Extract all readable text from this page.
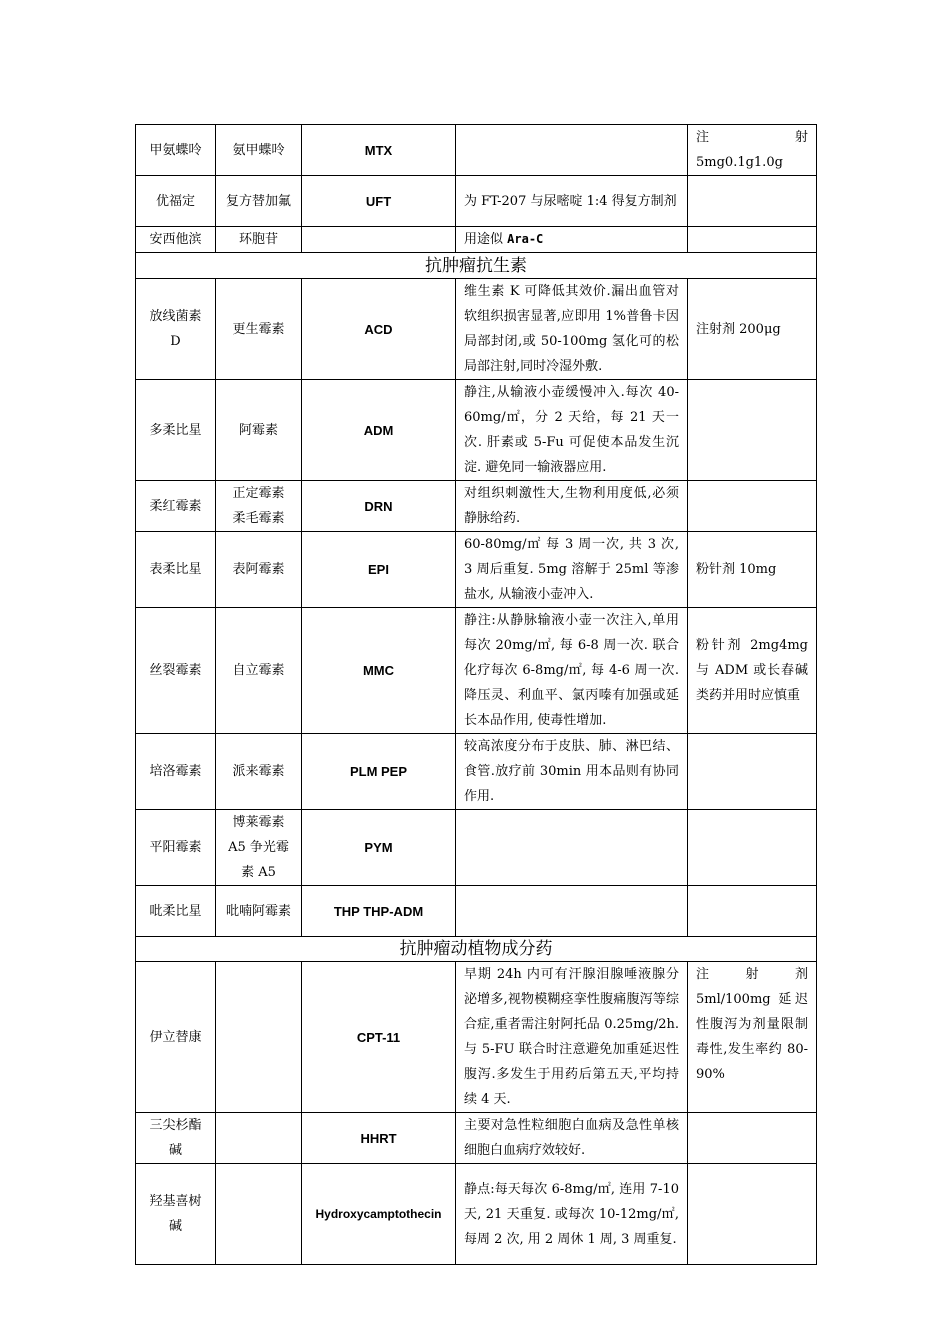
甲氨蝶呤	氨甲蝶呤	MTX		注射 5mg0.1g1.0g
优福定	复方替加氟	UFT	为 FT-207 与尿嘧啶 1:4 得复方制剂	
安西他滨	环胞苷		用途似 Ara-C	
抗肿瘤抗生素				
放线菌素 D	更生霉素	ACD	维生素 K 可降低其效价.漏出血管对软组织损害显著,应即用 1%普鲁卡因局部封闭,或 50-100mg 氢化可的松局部注射,同时冷湿外敷.	注射剂 200μg
多柔比星	阿霉素	ADM	静注,从输液小壶缓慢冲入.每次 40-60mg/㎡，分 2 天给，每 21 天一次. 肝素或 5-Fu 可促使本品发生沉淀. 避免同一输液器应用.	
柔红霉素	正定霉素 柔毛霉素	DRN	对组织刺激性大,生物利用度低,必须静脉给药.	
表柔比星	表阿霉素	EPI	60-80mg/㎡ 每 3 周一次, 共 3 次, 3 周后重复. 5mg 溶解于 25ml 等渗盐水, 从输液小壶冲入.	粉针剂 10mg
丝裂霉素	自立霉素	MMC	静注:从静脉输液小壶一次注入,单用每次 20mg/㎡, 每 6-8 周一次. 联合化疗每次 6-8mg/㎡, 每 4-6 周一次. 降压灵、利血平、氯丙嗪有加强或延长本品作用, 使毒性增加.	粉针剂 2mg4mg 与 ADM 或长春碱类药并用时应慎重
培洛霉素	派来霉素	PLM PEP	较高浓度分布于皮肤、肺、淋巴结、食管.放疗前 30min 用本品则有协同作用.	
平阳霉素	博莱霉素 A5 争光霉素 A5	PYM		
吡柔比星	吡喃阿霉素	THP THP-ADM		
抗肿瘤动植物成分药				
伊立替康		CPT-11	早期 24h 内可有汗腺泪腺唾液腺分泌增多,视物模糊痉挛性腹痛腹泻等综合症,重者需注射阿托品 0.25mg/2h. 与 5-FU 联合时注意避免加重延迟性腹泻.多发生于用药后第五天,平均持续 4 天.	注射剂 5ml/100mg 延迟性腹泻为剂量限制毒性,发生率约 80-90%
三尖杉酯碱		HHRT	主要对急性粒细胞白血病及急性单核细胞白血病疗效较好.	
羟基喜树碱		Hydroxycamptothecin	静点:每天每次 6-8mg/㎡, 连用 7-10 天, 21 天重复. 或每次 10-12mg/㎡, 每周 2 次, 用 2 周休 1 周, 3 周重复.	
